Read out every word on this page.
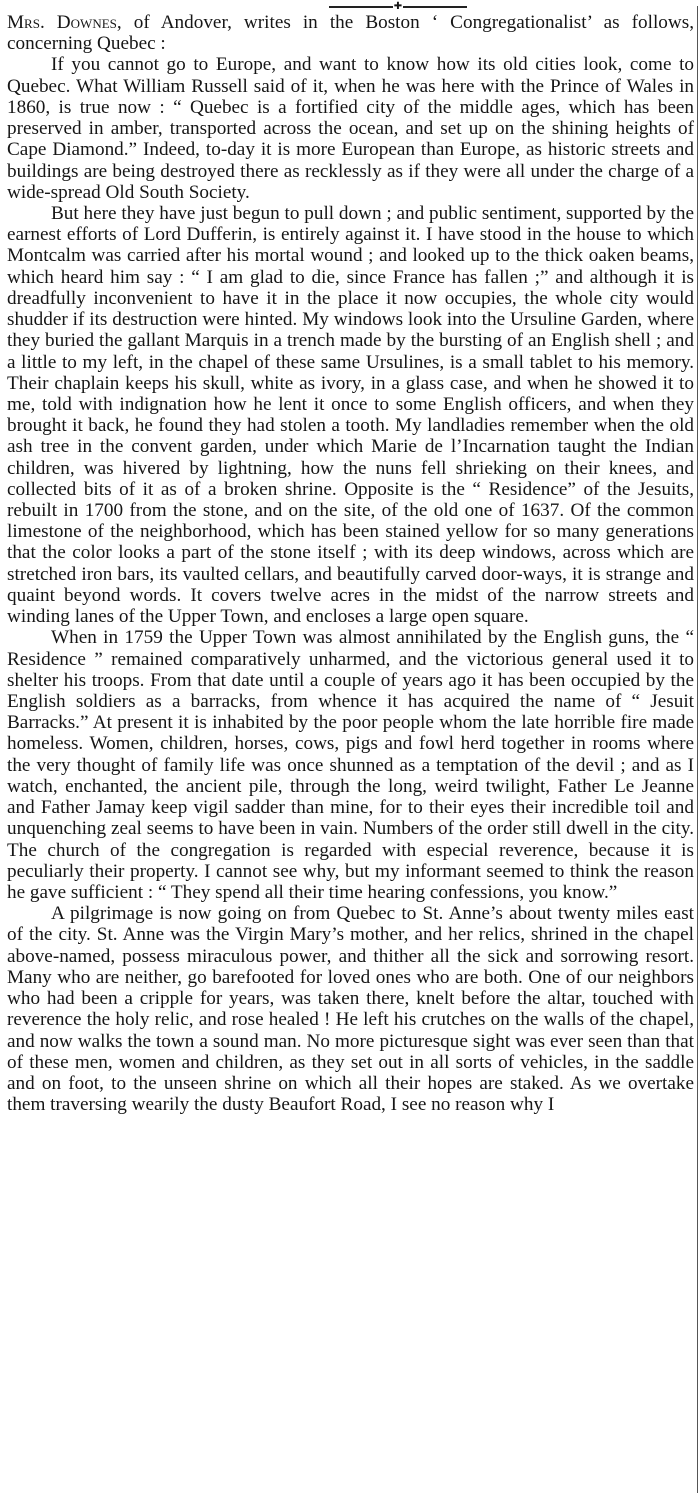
✚

Mrs. Downes, of Andover, writes in the Boston ‘ Congregationalist’ as follows, concerning Quebec :

If you cannot go to Europe, and want to know how its old cities look, come to Quebec. What William Russell said of it, when he was here with the Prince of Wales in 1860, is true now : “ Quebec is a fortified city of the middle ages, which has been preserved in amber, transported across the ocean, and set up on the shining heights of Cape Diamond.” Indeed, to-day it is more European than Europe, as historic streets and buildings are being destroyed there as recklessly as if they were all under the charge of a wide-spread Old South Society.

But here they have just begun to pull down ; and public sentiment, supported by the earnest efforts of Lord Dufferin, is entirely against it. I have stood in the house to which Montcalm was carried after his mortal wound ; and looked up to the thick oaken beams, which heard him say : “ I am glad to die, since France has fallen ;” and although it is dreadfully inconvenient to have it in the place it now occupies, the whole city would shudder if its destruction were hinted. My windows look into the Ursuline Garden, where they buried the gallant Marquis in a trench made by the bursting of an English shell ; and a little to my left, in the chapel of these same Ursulines, is a small tablet to his memory. Their chaplain keeps his skull, white as ivory, in a glass case, and when he showed it to me, told with indignation how he lent it once to some English officers, and when they brought it back, he found they had stolen a tooth. My landladies remember when the old ash tree in the convent garden, under which Marie de l’Incarnation taught the Indian children, was hivered by lightning, how the nuns fell shrieking on their knees, and collected bits of it as of a broken shrine. Opposite is the “ Residence” of the Jesuits, rebuilt in 1700 from the stone, and on the site, of the old one of 1637. Of the common limestone of the neighborhood, which has been stained yellow for so many generations that the color looks a part of the stone itself ; with its deep windows, across which are stretched iron bars, its vaulted cellars, and beautifully carved door-ways, it is strange and quaint beyond words. It covers twelve acres in the midst of the narrow streets and winding lanes of the Upper Town, and encloses a large open square.

When in 1759 the Upper Town was almost annihilated by the English guns, the “ Residence ” remained comparatively unharmed, and the victorious general used it to shelter his troops. From that date until a couple of years ago it has been occupied by the English soldiers as a barracks, from whence it has acquired the name of “ Jesuit Barracks.” At present it is inhabited by the poor people whom the late horrible fire made homeless. Women, children, horses, cows, pigs and fowl herd together in rooms where the very thought of family life was once shunned as a temptation of the devil ; and as I watch, enchanted, the ancient pile, through the long, weird twilight, Father Le Jeanne and Father Jamay keep vigil sadder than mine, for to their eyes their incredible toil and unquenching zeal seems to have been in vain. Numbers of the order still dwell in the city. The church of the congregation is regarded with especial reverence, because it is peculiarly their property. I cannot see why, but my informant seemed to think the reason he gave sufficient : “ They spend all their time hearing confessions, you know.”

A pilgrimage is now going on from Quebec to St. Anne’s about twenty miles east of the city. St. Anne was the Virgin Mary’s mother, and her relics, shrined in the chapel above-named, possess miraculous power, and thither all the sick and sorrowing resort. Many who are neither, go barefooted for loved ones who are both. One of our neighbors who had been a cripple for years, was taken there, knelt before the altar, touched with reverence the holy relic, and rose healed ! He left his crutches on the walls of the chapel, and now walks the town a sound man. No more picturesque sight was ever seen than that of these men, women and children, as they set out in all sorts of vehicles, in the saddle and on foot, to the unseen shrine on which all their hopes are staked. As we overtake them traversing wearily the dusty Beaufort Road, I see no reason why I
